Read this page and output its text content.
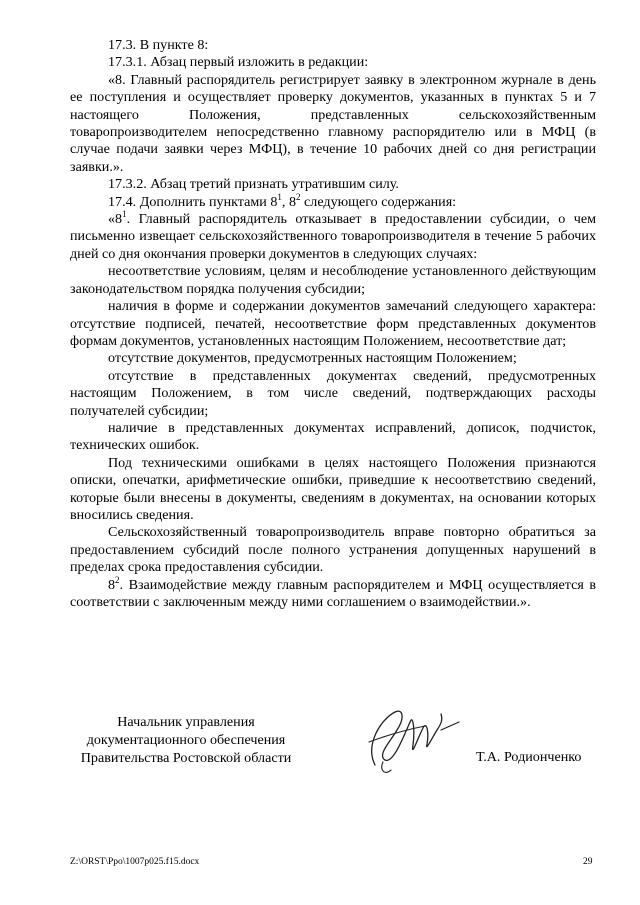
17.3. В пункте 8:

17.3.1. Абзац первый изложить в редакции:

«8. Главный распорядитель регистрирует заявку в электронном журнале в день ее поступления и осуществляет проверку документов, указанных в пунктах 5 и 7 настоящего Положения, представленных сельскохозяйственным товаропроизводителем непосредственно главному распорядителю или в МФЦ (в случае подачи заявки через МФЦ), в течение 10 рабочих дней со дня регистрации заявки.».

17.3.2. Абзац третий признать утратившим силу.

17.4. Дополнить пунктами $8^1$, $8^2$ следующего содержания:

«$8^1$. Главный распорядитель отказывает в предоставлении субсидии, о чем письменно извещает сельскохозяйственного товаропроизводителя в течение 5 рабочих дней со дня окончания проверки документов в следующих случаях:

несоответствие условиям, целям и несоблюдение установленного действующим законодательством порядка получения субсидии;

наличия в форме и содержании документов замечаний следующего характера: отсутствие подписей, печатей, несоответствие форм представленных документов формам документов, установленных настоящим Положением, несоответствие дат;

отсутствие документов, предусмотренных настоящим Положением;

отсутствие в представленных документах сведений, предусмотренных настоящим Положением, в том числе сведений, подтверждающих расходы получателей субсидии;

наличие в представленных документах исправлений, дописок, подчисток, технических ошибок.

Под техническими ошибками в целях настоящего Положения признаются описки, опечатки, арифметические ошибки, приведшие к несоответствию сведений, которые были внесены в документы, сведениям в документах, на основании которых вносились сведения.

Сельскохозяйственный товаропроизводитель вправе повторно обратиться за предоставлением субсидий после полного устранения допущенных нарушений в пределах срока предоставления субсидии.

$8^2$. Взаимодействие между главным распорядителем и МФЦ осуществляется в соответствии с заключенным между ними соглашением о взаимодействии.».

Начальник управления
документационного обеспечения
Правительства Ростовской области	Т.А. Родионченко
Z:\ORST\Ppo\1007p025.f15.docx	29
